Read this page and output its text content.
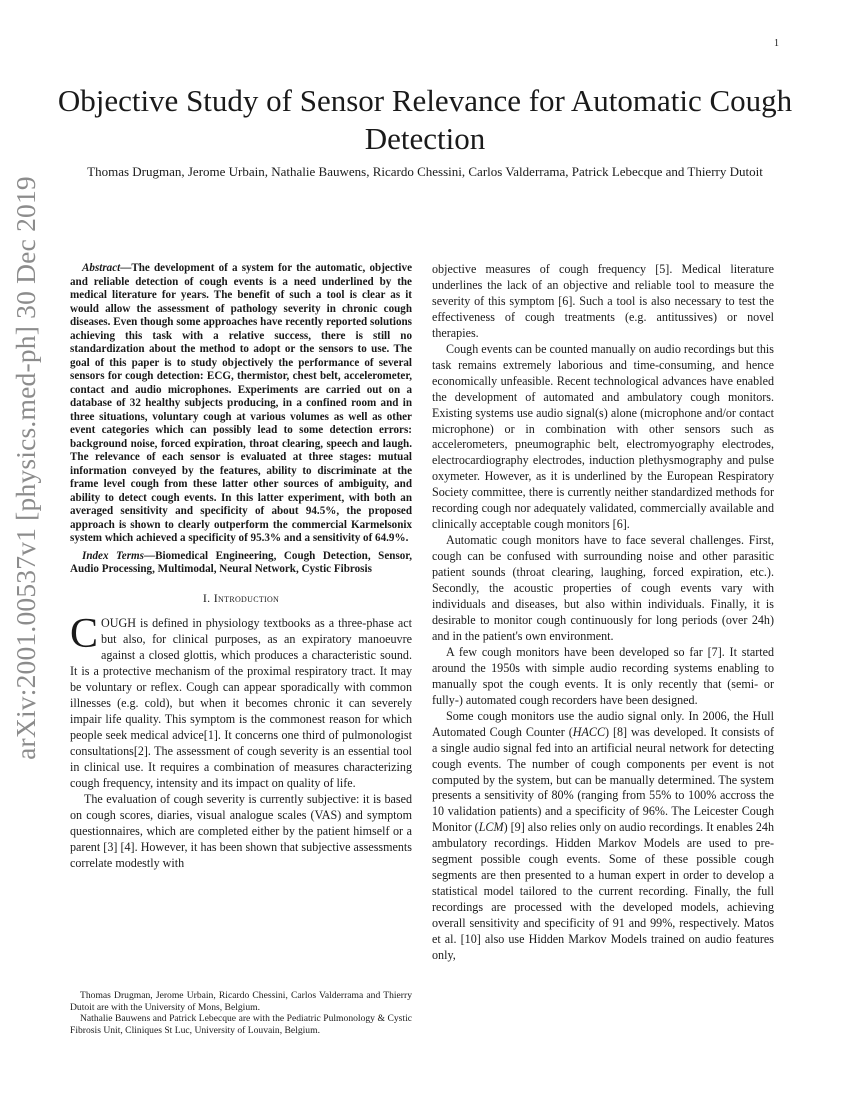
1
arXiv:2001.00537v1 [physics.med-ph] 30 Dec 2019
Objective Study of Sensor Relevance for Automatic Cough Detection
Thomas Drugman, Jerome Urbain, Nathalie Bauwens, Ricardo Chessini, Carlos Valderrama, Patrick Lebecque and Thierry Dutoit

Abstract—The development of a system for the automatic, objective and reliable detection of cough events is a need underlined by the medical literature for years. The benefit of such a tool is clear as it would allow the assessment of pathology severity in chronic cough diseases. Even though some approaches have recently reported solutions achieving this task with a relative success, there is still no standardization about the method to adopt or the sensors to use. The goal of this paper is to study objectively the performance of several sensors for cough detection: ECG, thermistor, chest belt, accelerometer, contact and audio microphones. Experiments are carried out on a database of 32 healthy subjects producing, in a confined room and in three situations, voluntary cough at various volumes as well as other event categories which can possibly lead to some detection errors: background noise, forced expiration, throat clearing, speech and laugh. The relevance of each sensor is evaluated at three stages: mutual information conveyed by the features, ability to discriminate at the frame level cough from these latter other sources of ambiguity, and ability to detect cough events. In this latter experiment, with both an averaged sensitivity and specificity of about 94.5%, the proposed approach is shown to clearly outperform the commercial Karmelsonix system which achieved a specificity of 95.3% and a sensitivity of 64.9%.

Index Terms—Biomedical Engineering, Cough Detection, Sensor, Audio Processing, Multimodal, Neural Network, Cystic Fibrosis

I. Introduction

COUGH is defined in physiology textbooks as a three-phase act but also, for clinical purposes, as an expiratory manoeuvre against a closed glottis, which produces a characteristic sound. It is a protective mechanism of the proximal respiratory tract. It may be voluntary or reflex. Cough can appear sporadically with common illnesses (e.g. cold), but when it becomes chronic it can severely impair life quality. This symptom is the commonest reason for which people seek medical advice[1]. It concerns one third of pulmonologist consultations[2]. The assessment of cough severity is an essential tool in clinical use. It requires a combination of measures characterizing cough frequency, intensity and its impact on quality of life.

The evaluation of cough severity is currently subjective: it is based on cough scores, diaries, visual analogue scales (VAS) and symptom questionnaires, which are completed either by the patient himself or a parent [3] [4]. However, it has been shown that subjective assessments correlate modestly with

objective measures of cough frequency [5]. Medical literature underlines the lack of an objective and reliable tool to measure the severity of this symptom [6]. Such a tool is also necessary to test the effectiveness of cough treatments (e.g. antitussives) or novel therapies.

Cough events can be counted manually on audio recordings but this task remains extremely laborious and time-consuming, and hence economically unfeasible. Recent technological advances have enabled the development of automated and ambulatory cough monitors. Existing systems use audio signal(s) alone (microphone and/or contact microphone) or in combination with other sensors such as accelerometers, pneumographic belt, electromyography electrodes, electrocardiography electrodes, induction plethysmography and pulse oxymeter. However, as it is underlined by the European Respiratory Society committee, there is currently neither standardized methods for recording cough nor adequately validated, commercially available and clinically acceptable cough monitors [6].

Automatic cough monitors have to face several challenges. First, cough can be confused with surrounding noise and other parasitic patient sounds (throat clearing, laughing, forced expiration, etc.). Secondly, the acoustic properties of cough events vary with individuals and diseases, but also within individuals. Finally, it is desirable to monitor cough continuously for long periods (over 24h) and in the patient's own environment.

A few cough monitors have been developed so far [7]. It started around the 1950s with simple audio recording systems enabling to manually spot the cough events. It is only recently that (semi- or fully-) automated cough recorders have been designed.

Some cough monitors use the audio signal only. In 2006, the Hull Automated Cough Counter (HACC) [8] was developed. It consists of a single audio signal fed into an artificial neural network for detecting cough events. The number of cough components per event is not computed by the system, but can be manually determined. The system presents a sensitivity of 80% (ranging from 55% to 100% accross the 10 validation patients) and a specificity of 96%. The Leicester Cough Monitor (LCM) [9] also relies only on audio recordings. It enables 24h ambulatory recordings. Hidden Markov Models are used to pre-segment possible cough events. Some of these possible cough segments are then presented to a human expert in order to develop a statistical model tailored to the current recording. Finally, the full recordings are processed with the developed models, achieving overall sensitivity and specificity of 91 and 99%, respectively. Matos et al. [10] also use Hidden Markov Models trained on audio features only,

Thomas Drugman, Jerome Urbain, Ricardo Chessini, Carlos Valderrama and Thierry Dutoit are with the University of Mons, Belgium.

Nathalie Bauwens and Patrick Lebecque are with the Pediatric Pulmonology & Cystic Fibrosis Unit, Cliniques St Luc, University of Louvain, Belgium.
